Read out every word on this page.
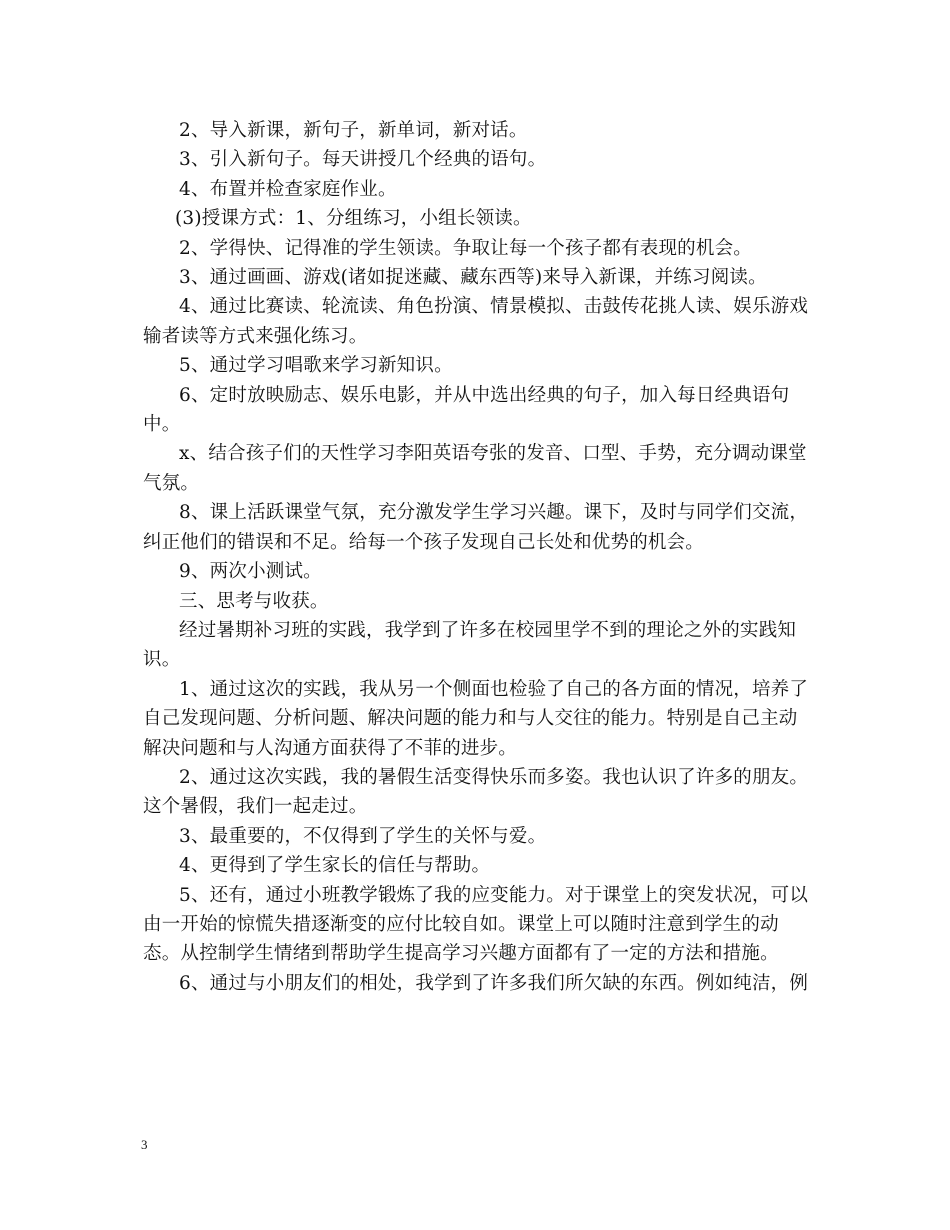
2、导入新课，新句子，新单词，新对话。

3、引入新句子。每天讲授几个经典的语句。

4、布置并检查家庭作业。

(3)授课方式：1、分组练习，小组长领读。

2、学得快、记得准的学生领读。争取让每一个孩子都有表现的机会。

3、通过画画、游戏(诸如捉迷藏、藏东西等)来导入新课，并练习阅读。

4、通过比赛读、轮流读、角色扮演、情景模拟、击鼓传花挑人读、娱乐游戏输者读等方式来强化练习。

5、通过学习唱歌来学习新知识。

6、定时放映励志、娱乐电影，并从中选出经典的句子，加入每日经典语句中。

x、结合孩子们的天性学习李阳英语夸张的发音、口型、手势，充分调动课堂气氛。

8、课上活跃课堂气氛，充分激发学生学习兴趣。课下，及时与同学们交流，纠正他们的错误和不足。给每一个孩子发现自己长处和优势的机会。

9、两次小测试。

三、思考与收获。

经过暑期补习班的实践，我学到了许多在校园里学不到的理论之外的实践知识。

1、通过这次的实践，我从另一个侧面也检验了自己的各方面的情况，培养了自己发现问题、分析问题、解决问题的能力和与人交往的能力。特别是自己主动解决问题和与人沟通方面获得了不菲的进步。

2、通过这次实践，我的暑假生活变得快乐而多姿。我也认识了许多的朋友。这个暑假，我们一起走过。

3、最重要的，不仅得到了学生的关怀与爱。

4、更得到了学生家长的信任与帮助。

5、还有，通过小班教学锻炼了我的应变能力。对于课堂上的突发状况，可以由一开始的惊慌失措逐渐变的应付比较自如。课堂上可以随时注意到学生的动态。从控制学生情绪到帮助学生提高学习兴趣方面都有了一定的方法和措施。

6、通过与小朋友们的相处，我学到了许多我们所欠缺的东西。例如纯洁，例

3
